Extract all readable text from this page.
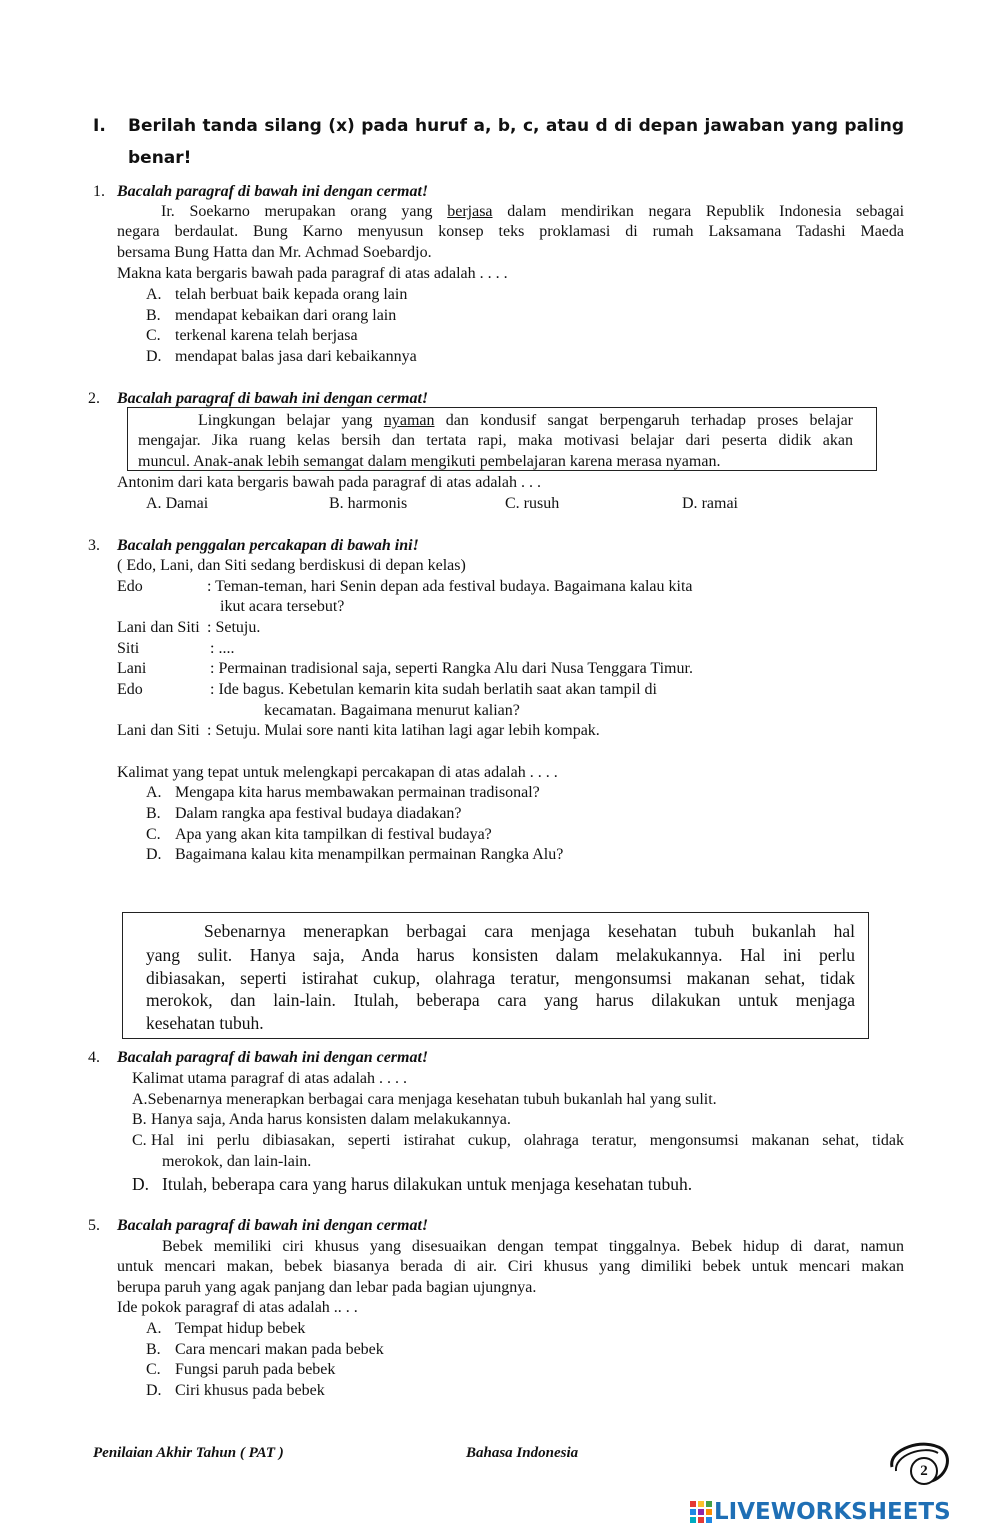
I. Berilah tanda silang (x) pada huruf a, b, c, atau d di depan jawaban yang paling
benar!
1. Bacalah paragraf di bawah ini dengan cermat!
Ir. Soekarno merupakan orang yang berjasa dalam mendirikan negara Republik Indonesia sebagai
negara berdaulat. Bung Karno menyusun konsep teks proklamasi di rumah Laksamana Tadashi Maeda
bersama Bung Hatta dan Mr. Achmad Soebardjo.
Makna kata bergaris bawah pada paragraf di atas adalah . . . .
A. telah berbuat baik kepada orang lain
B. mendapat kebaikan dari orang lain
C. terkenal karena telah berjasa
D. mendapat balas jasa dari kebaikannya
2. Bacalah paragraf di bawah ini dengan cermat!
Lingkungan belajar yang nyaman dan kondusif sangat berpengaruh terhadap proses belajar
mengajar. Jika ruang kelas bersih dan tertata rapi, maka motivasi belajar dari peserta didik akan
muncul. Anak-anak lebih semangat dalam mengikuti pembelajaran karena merasa nyaman.
Antonim dari kata bergaris bawah pada paragraf di atas adalah . . .
A. Damai	B. harmonis	C. rusuh	D. ramai
3. Bacalah penggalan percakapan di bawah ini!
( Edo, Lani, dan Siti sedang berdiskusi di depan kelas)
Edo	: Teman-teman, hari Senin depan ada festival budaya. Bagaimana kalau kita
ikut acara tersebut?
Lani dan Siti : Setuju.
Siti	: ....
Lani	: Permainan tradisional saja, seperti Rangka Alu dari Nusa Tenggara Timur.
Edo	: Ide bagus. Kebetulan kemarin kita sudah berlatih saat akan tampil di
kecamatan. Bagaimana menurut kalian?
Lani dan Siti : Setuju. Mulai sore nanti kita latihan lagi agar lebih kompak.
Kalimat yang tepat untuk melengkapi percakapan di atas adalah . . . .
A. Mengapa kita harus membawakan permainan tradisonal?
B. Dalam rangka apa festival budaya diadakan?
C. Apa yang akan kita tampilkan di festival budaya?
D. Bagaimana kalau kita menampilkan permainan Rangka Alu?
Sebenarnya menerapkan berbagai cara menjaga kesehatan tubuh bukanlah hal
yang sulit. Hanya saja, Anda harus konsisten dalam melakukannya. Hal ini perlu
dibiasakan, seperti istirahat cukup, olahraga teratur, mengonsumsi makanan sehat, tidak
merokok, dan lain-lain. Itulah, beberapa cara yang harus dilakukan untuk menjaga
kesehatan tubuh.
4. Bacalah paragraf di bawah ini dengan cermat!
Kalimat utama paragraf di atas adalah . . . .
A.Sebenarnya menerapkan berbagai cara menjaga kesehatan tubuh bukanlah hal yang sulit.
B. Hanya saja, Anda harus konsisten dalam melakukannya.
C. Hal ini perlu dibiasakan, seperti istirahat cukup, olahraga teratur, mengonsumsi makanan sehat, tidak
merokok, dan lain-lain.
D. Itulah, beberapa cara yang harus dilakukan untuk menjaga kesehatan tubuh.
5. Bacalah paragraf di bawah ini dengan cermat!
Bebek memiliki ciri khusus yang disesuaikan dengan tempat tinggalnya. Bebek hidup di darat, namun
untuk mencari makan, bebek biasanya berada di air. Ciri khusus yang dimiliki bebek untuk mencari makan
berupa paruh yang agak panjang dan lebar pada bagian ujungnya.
Ide pokok paragraf di atas adalah .. . .
A. Tempat hidup bebek
B. Cara mencari makan pada bebek
C. Fungsi paruh pada bebek
D. Ciri khusus pada bebek
Penilaian Akhir Tahun ( PAT )	Bahasa Indonesia
2
LIVEWORKSHEETS
